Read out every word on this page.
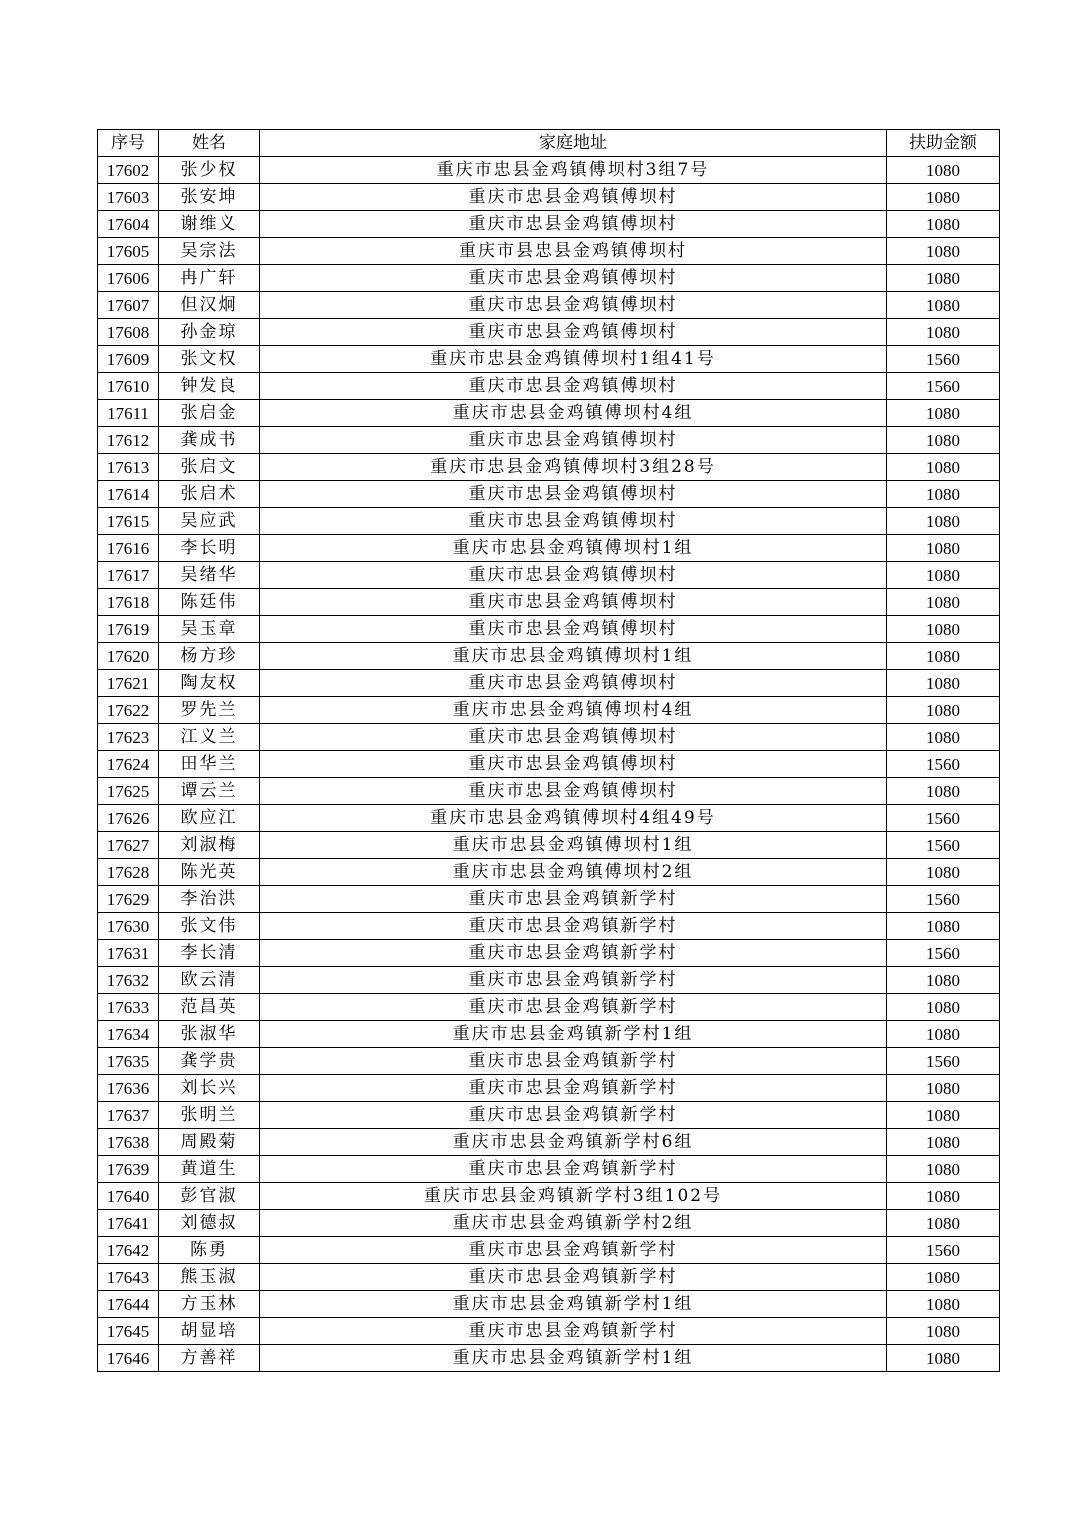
序号	姓名	家庭地址	扶助金额
17602	张少权	重庆市忠县金鸡镇傅坝村3组7号	1080
17603	张安坤	重庆市忠县金鸡镇傅坝村	1080
17604	谢维义	重庆市忠县金鸡镇傅坝村	1080
17605	吴宗法	重庆市县忠县金鸡镇傅坝村	1080
17606	冉广轩	重庆市忠县金鸡镇傅坝村	1080
17607	但汉炯	重庆市忠县金鸡镇傅坝村	1080
17608	孙金琼	重庆市忠县金鸡镇傅坝村	1080
17609	张文权	重庆市忠县金鸡镇傅坝村1组41号	1560
17610	钟发良	重庆市忠县金鸡镇傅坝村	1560
17611	张启金	重庆市忠县金鸡镇傅坝村4组	1080
17612	龚成书	重庆市忠县金鸡镇傅坝村	1080
17613	张启文	重庆市忠县金鸡镇傅坝村3组28号	1080
17614	张启术	重庆市忠县金鸡镇傅坝村	1080
17615	吴应武	重庆市忠县金鸡镇傅坝村	1080
17616	李长明	重庆市忠县金鸡镇傅坝村1组	1080
17617	吴绪华	重庆市忠县金鸡镇傅坝村	1080
17618	陈廷伟	重庆市忠县金鸡镇傅坝村	1080
17619	吴玉章	重庆市忠县金鸡镇傅坝村	1080
17620	杨方珍	重庆市忠县金鸡镇傅坝村1组	1080
17621	陶友权	重庆市忠县金鸡镇傅坝村	1080
17622	罗先兰	重庆市忠县金鸡镇傅坝村4组	1080
17623	江义兰	重庆市忠县金鸡镇傅坝村	1080
17624	田华兰	重庆市忠县金鸡镇傅坝村	1560
17625	谭云兰	重庆市忠县金鸡镇傅坝村	1080
17626	欧应江	重庆市忠县金鸡镇傅坝村4组49号	1560
17627	刘淑梅	重庆市忠县金鸡镇傅坝村1组	1560
17628	陈光英	重庆市忠县金鸡镇傅坝村2组	1080
17629	李治洪	重庆市忠县金鸡镇新学村	1560
17630	张文伟	重庆市忠县金鸡镇新学村	1080
17631	李长清	重庆市忠县金鸡镇新学村	1560
17632	欧云清	重庆市忠县金鸡镇新学村	1080
17633	范昌英	重庆市忠县金鸡镇新学村	1080
17634	张淑华	重庆市忠县金鸡镇新学村1组	1080
17635	龚学贵	重庆市忠县金鸡镇新学村	1560
17636	刘长兴	重庆市忠县金鸡镇新学村	1080
17637	张明兰	重庆市忠县金鸡镇新学村	1080
17638	周殿菊	重庆市忠县金鸡镇新学村6组	1080
17639	黄道生	重庆市忠县金鸡镇新学村	1080
17640	彭官淑	重庆市忠县金鸡镇新学村3组102号	1080
17641	刘德叔	重庆市忠县金鸡镇新学村2组	1080
17642	陈勇	重庆市忠县金鸡镇新学村	1560
17643	熊玉淑	重庆市忠县金鸡镇新学村	1080
17644	方玉林	重庆市忠县金鸡镇新学村1组	1080
17645	胡显培	重庆市忠县金鸡镇新学村	1080
17646	方善祥	重庆市忠县金鸡镇新学村1组	1080
